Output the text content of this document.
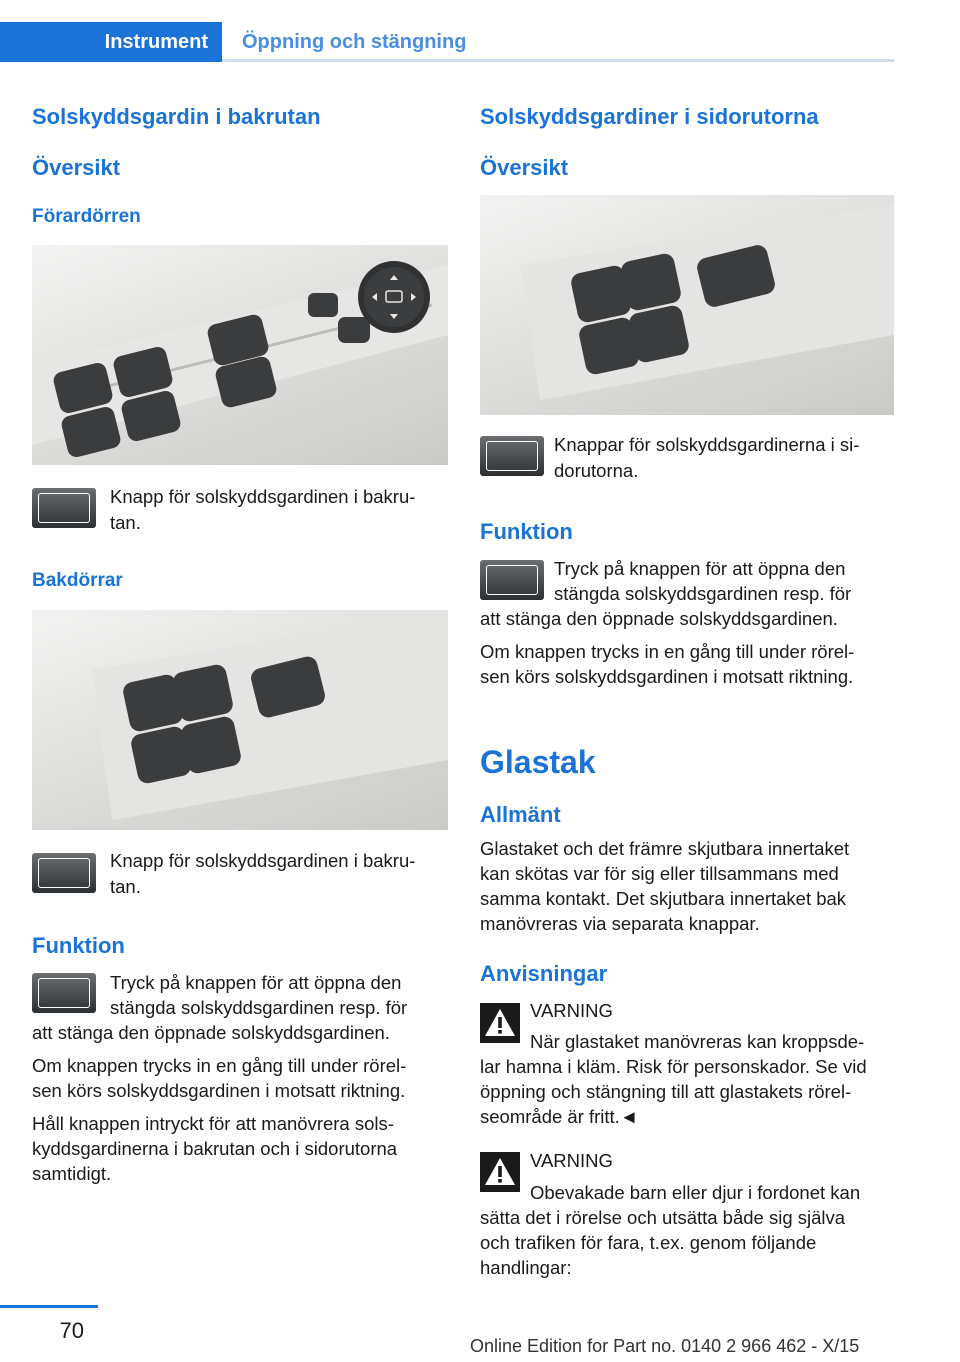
Instrument	Öppning och stängning
Solskyddsgardin i bakrutan
Översikt
Förardörren
Knapp för solskyddsgardinen i bakru-
tan.
Bakdörrar
Knapp för solskyddsgardinen i bakru-
tan.
Funktion
Tryck på knappen för att öppna den
stängda solskyddsgardinen resp. för
att stänga den öppnade solskyddsgardinen.
Om knappen trycks in en gång till under rörel-
sen körs solskyddsgardinen i motsatt riktning.
Håll knappen intryckt för att manövrera sols-
kyddsgardinerna i bakrutan och i sidorutorna
samtidigt.
Solskyddsgardiner i sidorutorna
Översikt
Knappar för solskyddsgardinerna i si-
dorutorna.
Funktion
Tryck på knappen för att öppna den
stängda solskyddsgardinen resp. för
att stänga den öppnade solskyddsgardinen.
Om knappen trycks in en gång till under rörel-
sen körs solskyddsgardinen i motsatt riktning.
Glastak
Allmänt
Glastaket och det främre skjutbara innertaket
kan skötas var för sig eller tillsammans med
samma kontakt. Det skjutbara innertaket bak
manövreras via separata knappar.
Anvisningar
VARNING
När glastaket manövreras kan kroppsde-
lar hamna i kläm. Risk för personskador. Se vid
öppning och stängning till att glastakets rörel-
seområde är fritt.◄
VARNING
Obevakade barn eller djur i fordonet kan
sätta det i rörelse och utsätta både sig själva
och trafiken för fara, t.ex. genom följande
handlingar:
70
Online Edition for Part no. 0140 2 966 462 - X/15
